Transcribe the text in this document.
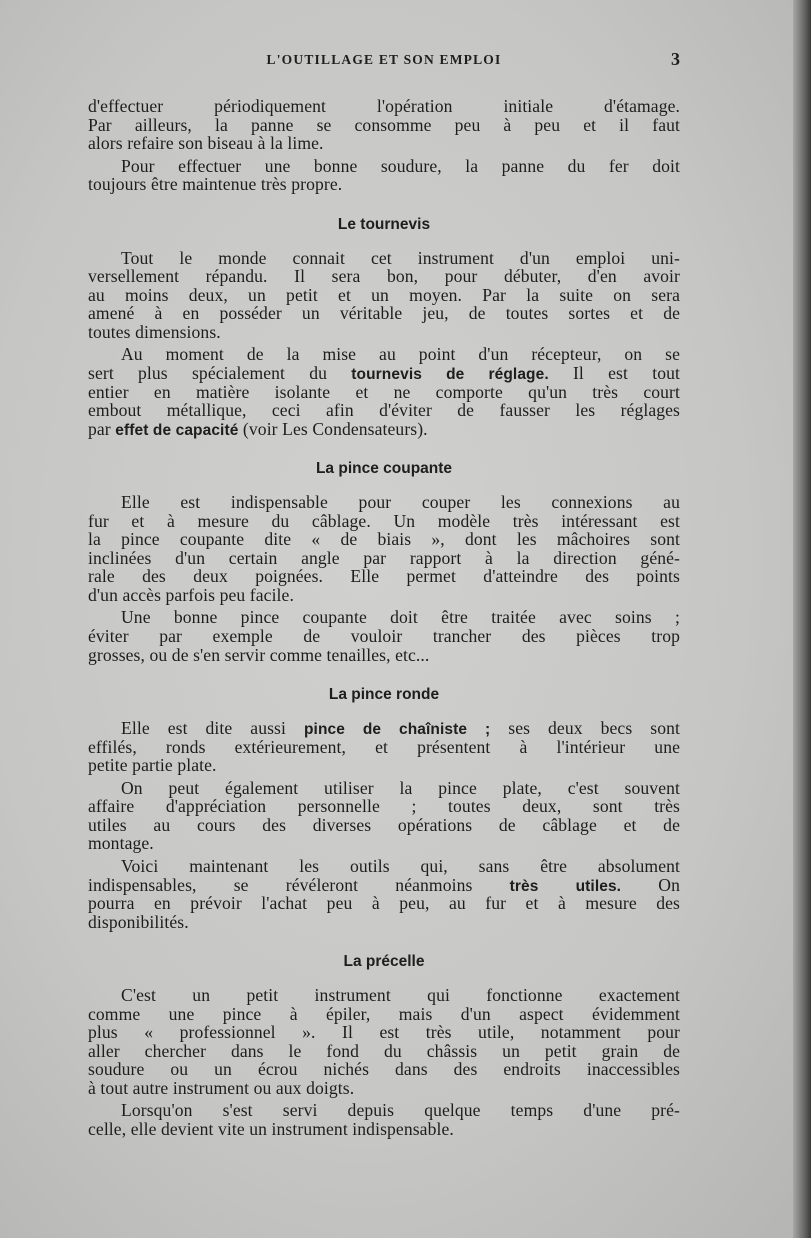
L'OUTILLAGE ET SON EMPLOI	3
d'effectuer périodiquement l'opération initiale d'étamage.
Par ailleurs, la panne se consomme peu à peu et il faut
alors refaire son biseau à la lime.
Pour effectuer une bonne soudure, la panne du fer doit
toujours être maintenue très propre.
Le tournevis
Tout le monde connait cet instrument d'un emploi uni-
versellement répandu. Il sera bon, pour débuter, d'en avoir
au moins deux, un petit et un moyen. Par la suite on sera
amené à en posséder un véritable jeu, de toutes sortes et de
toutes dimensions.
Au moment de la mise au point d'un récepteur, on se
sert plus spécialement du tournevis de réglage. Il est tout
entier en matière isolante et ne comporte qu'un très court
embout métallique, ceci afin d'éviter de fausser les réglages
par effet de capacité (voir Les Condensateurs).
La pince coupante
Elle est indispensable pour couper les connexions au
fur et à mesure du câblage. Un modèle très intéressant est
la pince coupante dite « de biais », dont les mâchoires sont
inclinées d'un certain angle par rapport à la direction géné-
rale des deux poignées. Elle permet d'atteindre des points
d'un accès parfois peu facile.
Une bonne pince coupante doit être traitée avec soins ;
éviter par exemple de vouloir trancher des pièces trop
grosses, ou de s'en servir comme tenailles, etc...
La pince ronde
Elle est dite aussi pince de chaîniste ; ses deux becs sont
effilés, ronds extérieurement, et présentent à l'intérieur une
petite partie plate.
On peut également utiliser la pince plate, c'est souvent
affaire d'appréciation personnelle ; toutes deux, sont très
utiles au cours des diverses opérations de câblage et de
montage.
Voici maintenant les outils qui, sans être absolument
indispensables, se révéleront néanmoins très utiles. On
pourra en prévoir l'achat peu à peu, au fur et à mesure des
disponibilités.
La précelle
C'est un petit instrument qui fonctionne exactement
comme une pince à épiler, mais d'un aspect évidemment
plus « professionnel ». Il est très utile, notamment pour
aller chercher dans le fond du châssis un petit grain de
soudure ou un écrou nichés dans des endroits inaccessibles
à tout autre instrument ou aux doigts.
Lorsqu'on s'est servi depuis quelque temps d'une pré-
celle, elle devient vite un instrument indispensable.
